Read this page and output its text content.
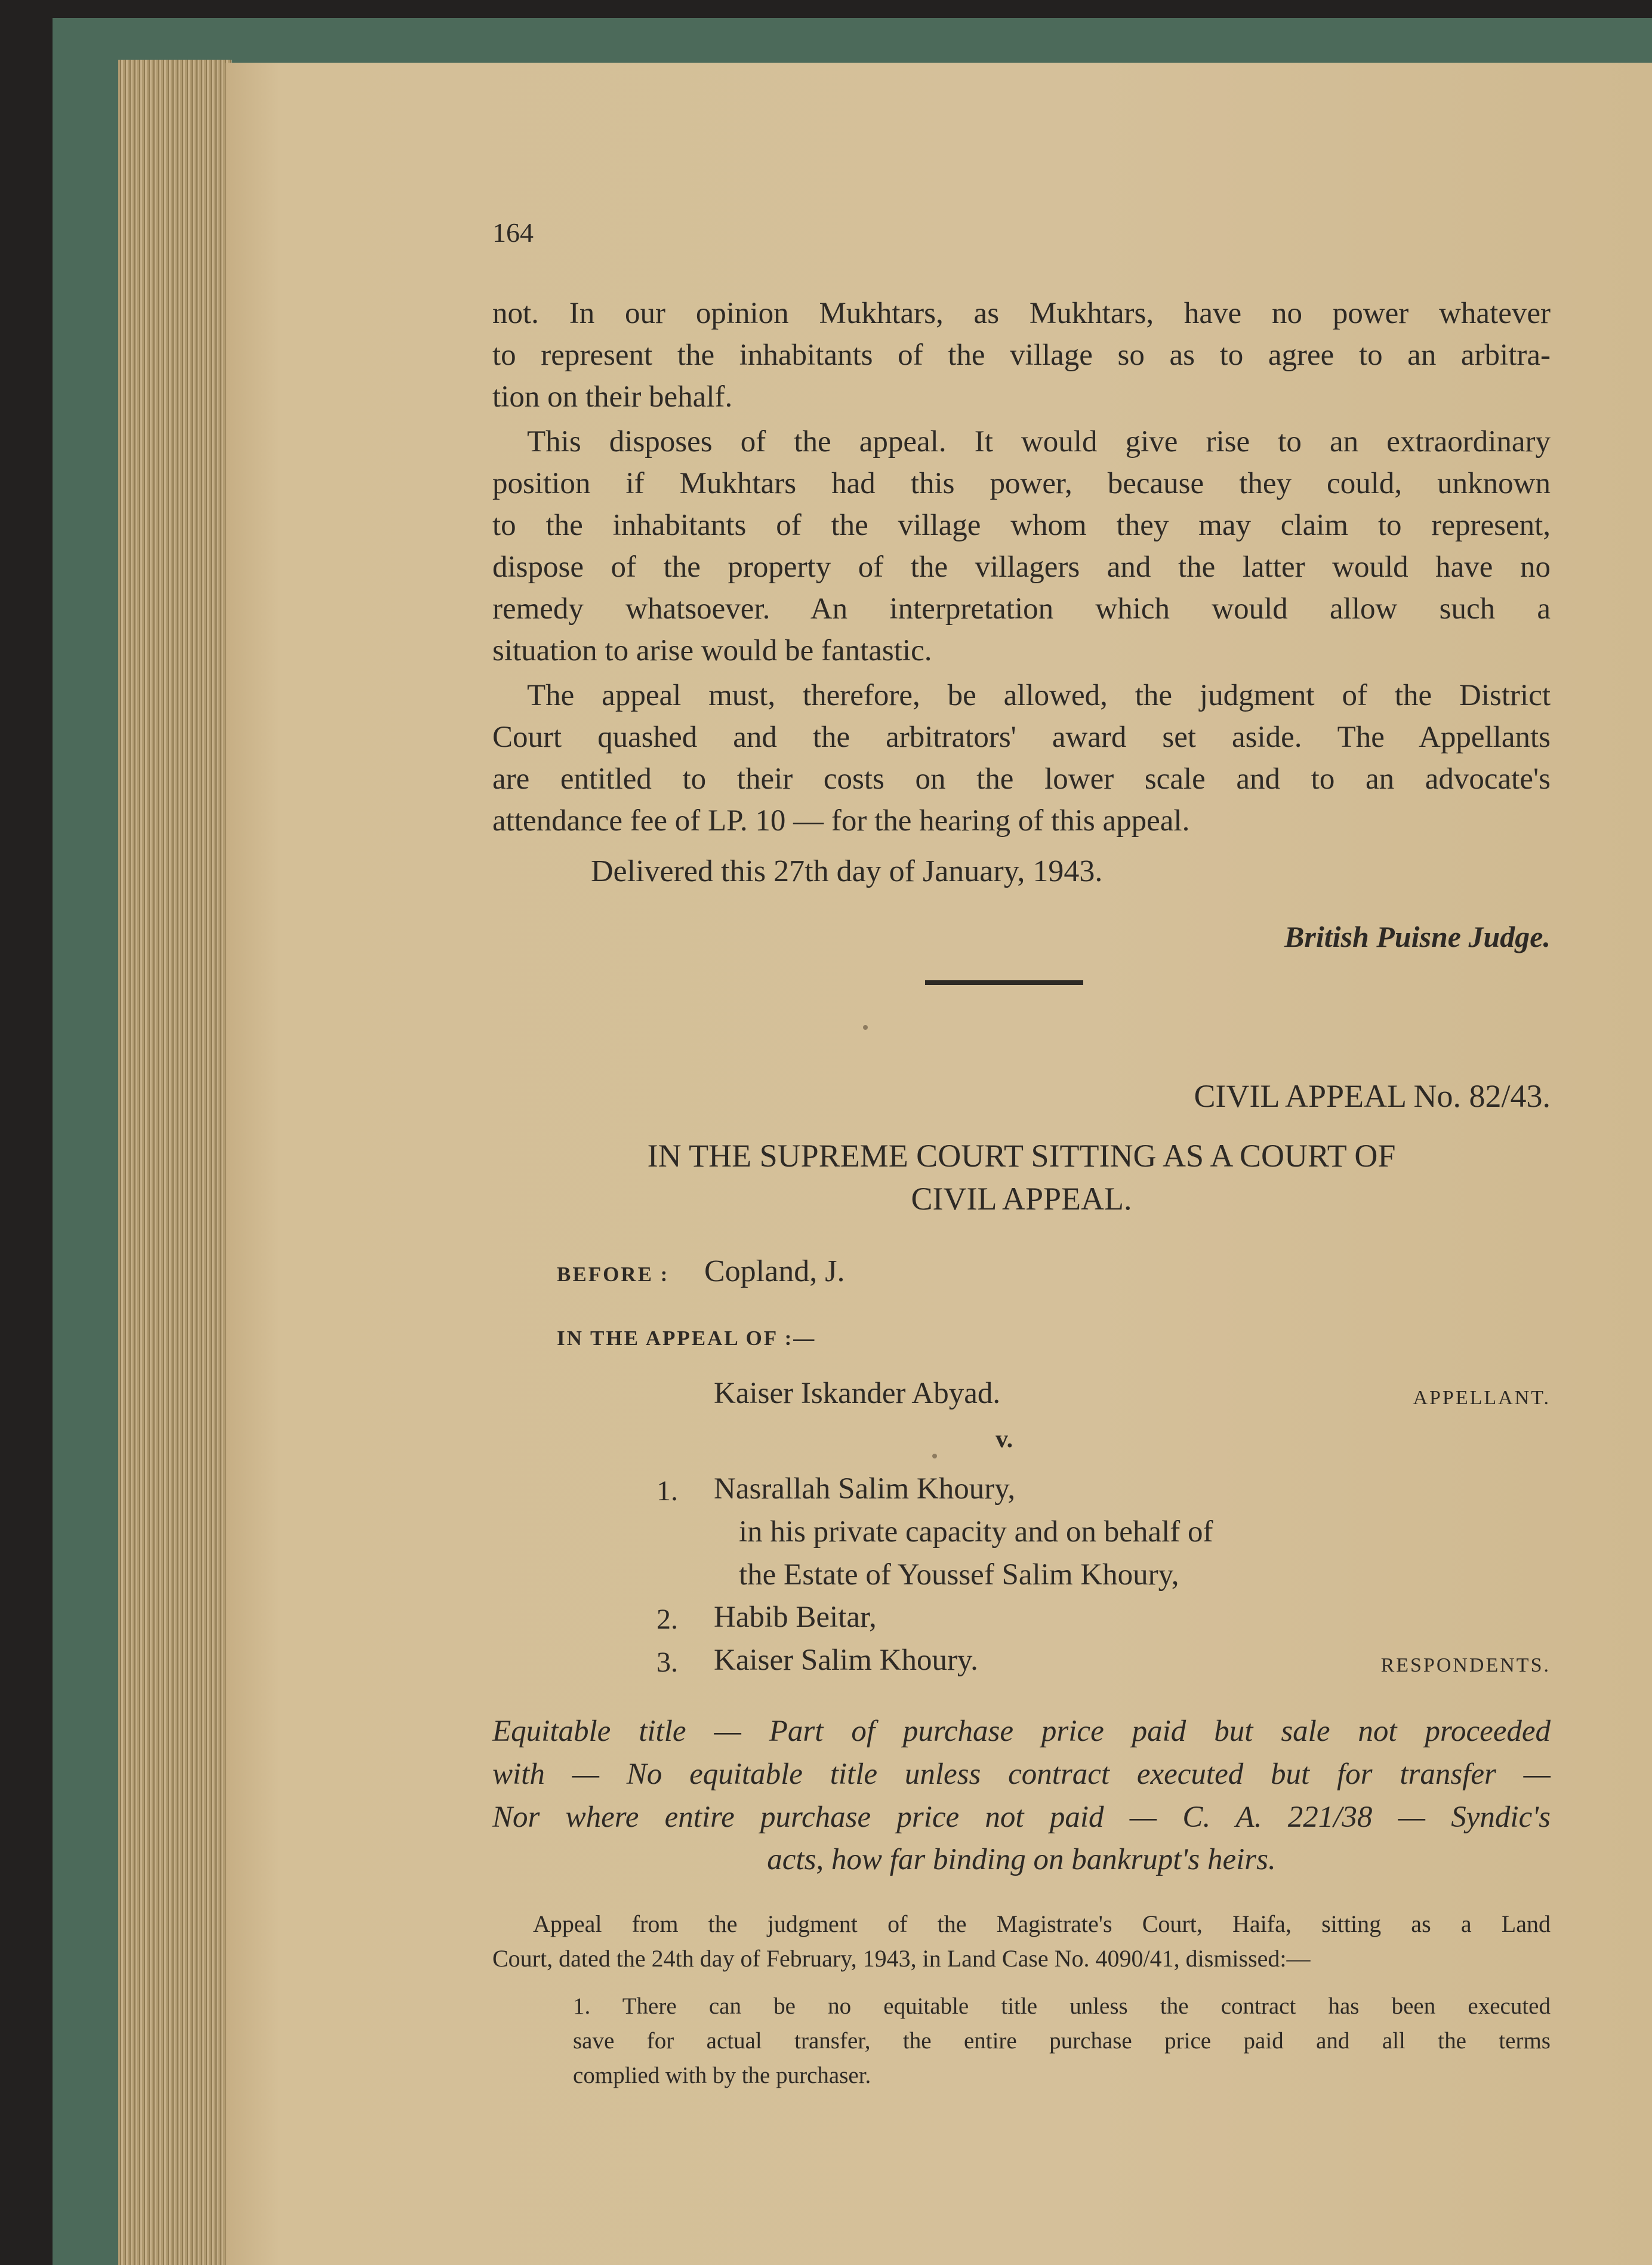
164

not. In our opinion Mukhtars, as Mukhtars, have no power whatever

to represent the inhabitants of the village so as to agree to an arbitra-

tion on their behalf.

This disposes of the appeal. It would give rise to an extraordinary

position if Mukhtars had this power, because they could, unknown

to the inhabitants of the village whom they may claim to represent,

dispose of the property of the villagers and the latter would have no

remedy whatsoever. An interpretation which would allow such a

situation to arise would be fantastic.

The appeal must, therefore, be allowed, the judgment of the District

Court quashed and the arbitrators' award set aside. The Appellants

are entitled to their costs on the lower scale and to an advocate's

attendance fee of LP. 10 — for the hearing of this appeal.

Delivered this 27th day of January, 1943.

British Puisne Judge.

CIVIL APPEAL No. 82/43.

IN THE SUPREME COURT SITTING AS A COURT OF

CIVIL APPEAL.

BEFORE : Copland, J.

IN THE APPEAL OF :—

Kaiser Iskander Abyad.	APPELLANT.

v.

1. Nasrallah Salim Khoury,

in his private capacity and on behalf of

the Estate of Youssef Salim Khoury,

2. Habib Beitar,

3. Kaiser Salim Khoury.	RESPONDENTS.

Equitable title — Part of purchase price paid but sale not proceeded

with — No equitable title unless contract executed but for transfer —

Nor where entire purchase price not paid — C. A. 221/38 — Syndic's

acts, how far binding on bankrupt's heirs.

Appeal from the judgment of the Magistrate's Court, Haifa, sitting as a Land

Court, dated the 24th day of February, 1943, in Land Case No. 4090/41, dismissed:—

1. There can be no equitable title unless the contract has been executed

save for actual transfer, the entire purchase price paid and all the terms

complied with by the purchaser.
